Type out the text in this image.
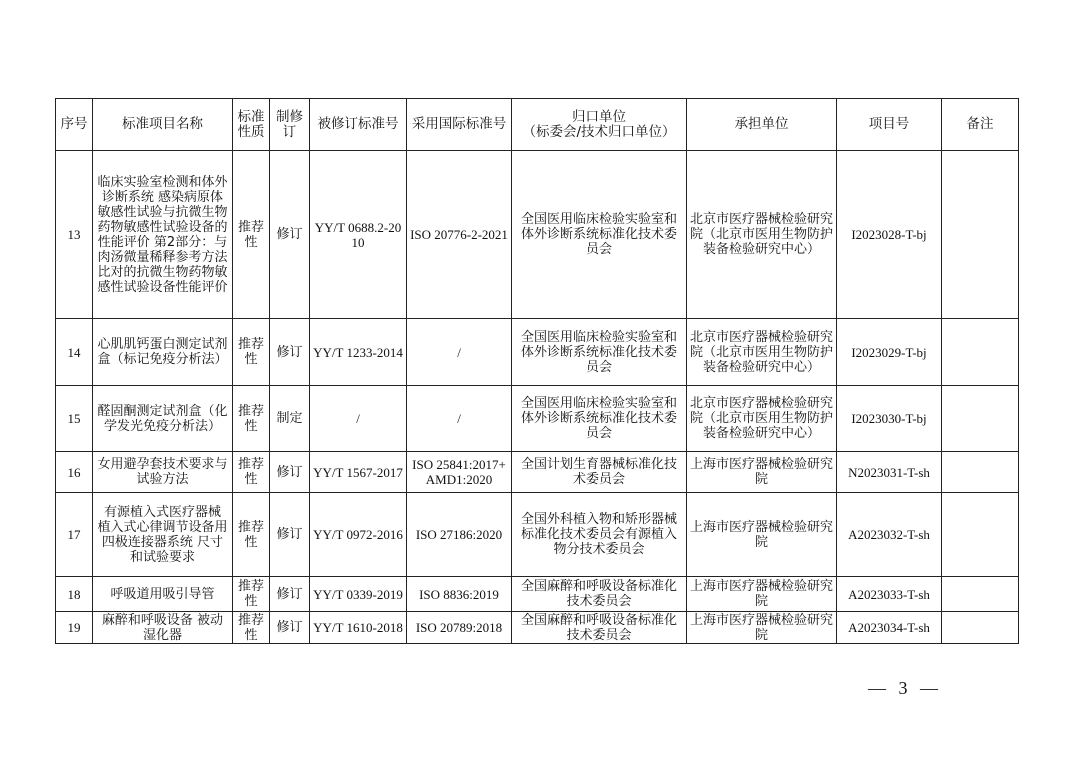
序号	标准项目名称	标准性质	制修订	被修订标准号	采用国际标准号	归口单位
（标委会/技术归口单位）	承担单位	项目号	备注
13	临床实验室检测和体外诊断系统 感染病原体敏感性试验与抗微生物药物敏感性试验设备的性能评价 第2部分：与肉汤微量稀释参考方法比对的抗微生物药物敏感性试验设备性能评价	推荐性	修订	YY/T 0688.2-2010	ISO 20776-2-2021	全国医用临床检验实验室和体外诊断系统标准化技术委员会	北京市医疗器械检验研究院（北京市医用生物防护装备检验研究中心）	I2023028-T-bj	
14	心肌肌钙蛋白测定试剂盒（标记免疫分析法）	推荐性	修订	YY/T 1233-2014	/	全国医用临床检验实验室和体外诊断系统标准化技术委员会	北京市医疗器械检验研究院（北京市医用生物防护装备检验研究中心）	I2023029-T-bj	
15	醛固酮测定试剂盒（化学发光免疫分析法）	推荐性	制定	/	/	全国医用临床检验实验室和体外诊断系统标准化技术委员会	北京市医疗器械检验研究院（北京市医用生物防护装备检验研究中心）	I2023030-T-bj	
16	女用避孕套技术要求与试验方法	推荐性	修订	YY/T 1567-2017	ISO 25841:2017+AMD1:2020	全国计划生育器械标准化技术委员会	上海市医疗器械检验研究院	N2023031-T-sh	
17	有源植入式医疗器械 植入式心律调节设备用四极连接器系统 尺寸和试验要求	推荐性	修订	YY/T 0972-2016	ISO 27186:2020	全国外科植入物和矫形器械标准化技术委员会有源植入物分技术委员会	上海市医疗器械检验研究院	A2023032-T-sh	
18	呼吸道用吸引导管	推荐性	修订	YY/T 0339-2019	ISO 8836:2019	全国麻醉和呼吸设备标准化技术委员会	上海市医疗器械检验研究院	A2023033-T-sh	
19	麻醉和呼吸设备 被动湿化器	推荐性	修订	YY/T 1610-2018	ISO 20789:2018	全国麻醉和呼吸设备标准化技术委员会	上海市医疗器械检验研究院	A2023034-T-sh	
— 3 —
